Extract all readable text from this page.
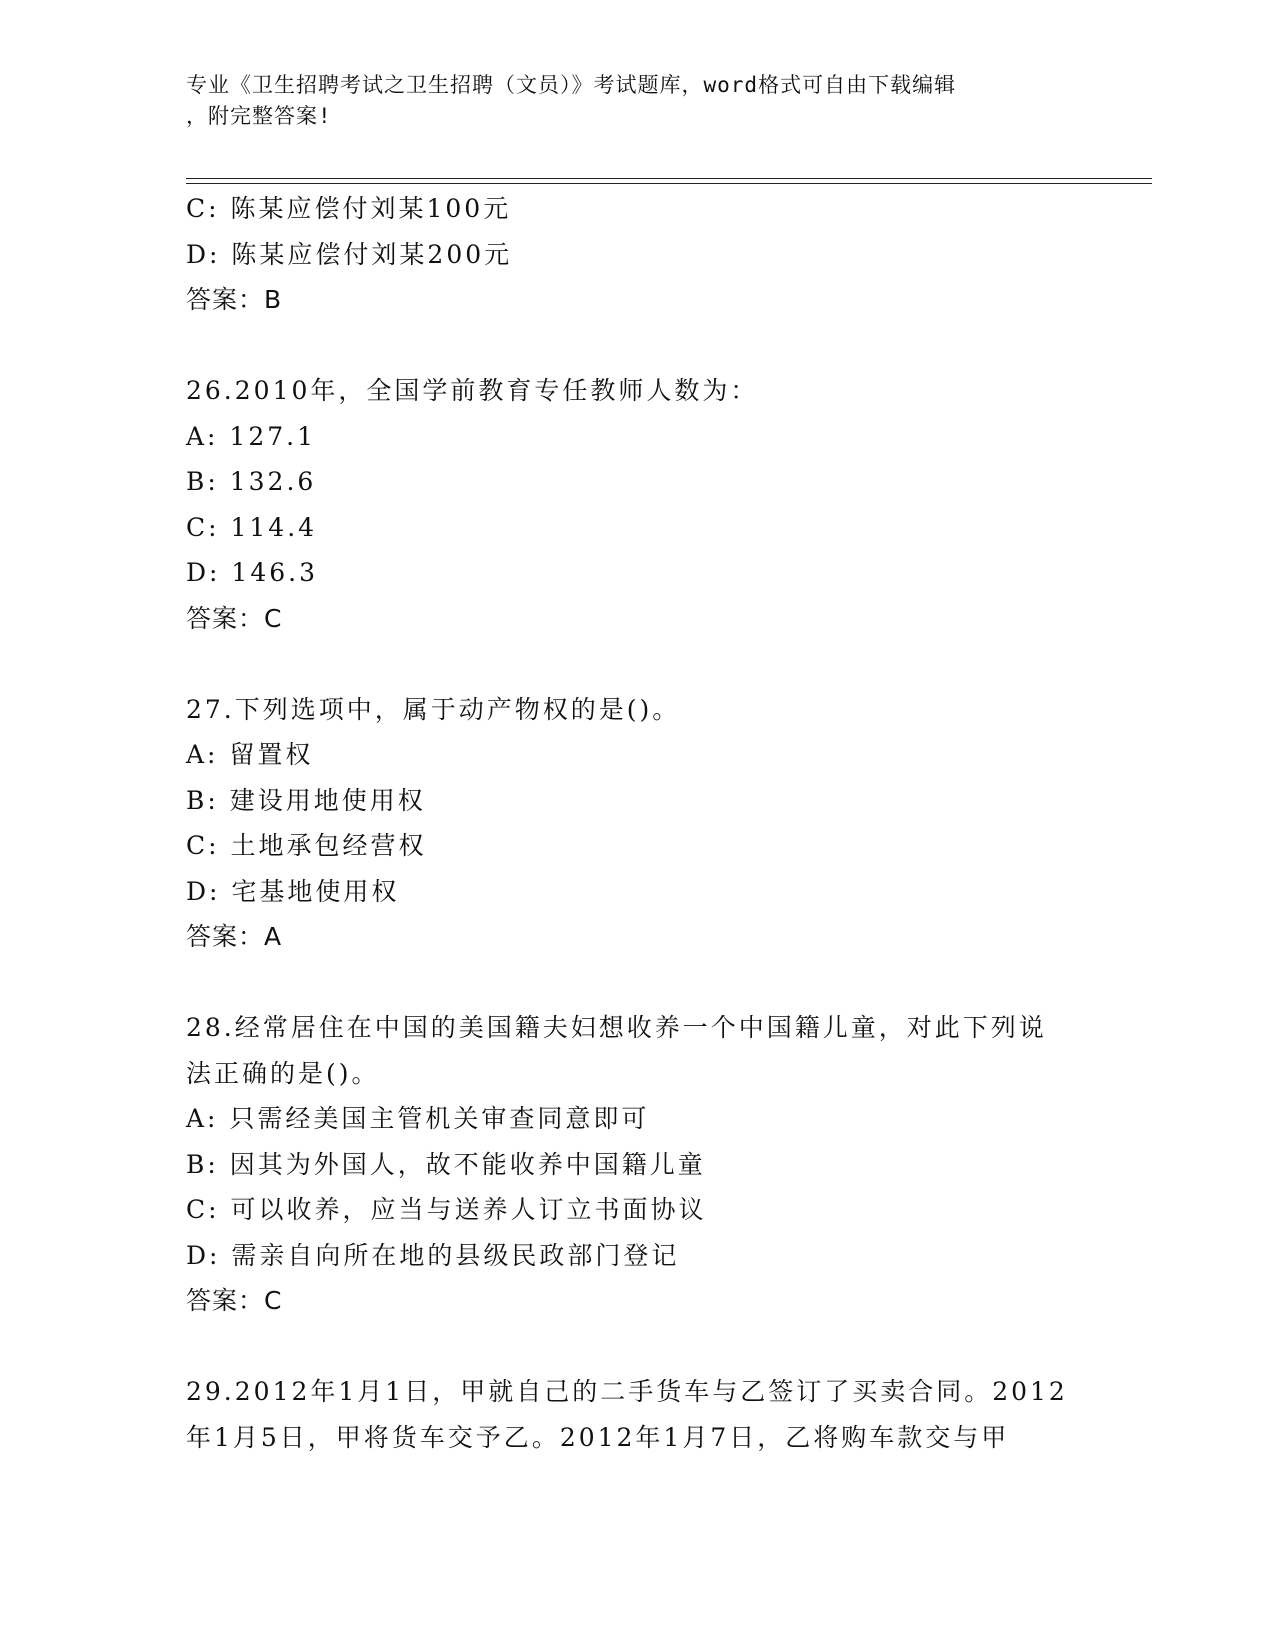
专业《卫生招聘考试之卫生招聘（文员）》考试题库，word格式可自由下载编辑
，附完整答案!
C: 陈某应偿付刘某100元
D: 陈某应偿付刘某200元
答案：B
26.2010年，全国学前教育专任教师人数为：
A: 127.1
B: 132.6
C: 114.4
D: 146.3
答案：C
27.下列选项中，属于动产物权的是()。
A: 留置权
B: 建设用地使用权
C: 土地承包经营权
D: 宅基地使用权
答案：A
28.经常居住在中国的美国籍夫妇想收养一个中国籍儿童，对此下列说
法正确的是()。
A: 只需经美国主管机关审查同意即可
B: 因其为外国人，故不能收养中国籍儿童
C: 可以收养，应当与送养人订立书面协议
D: 需亲自向所在地的县级民政部门登记
答案：C
29.2012年1月1日，甲就自己的二手货车与乙签订了买卖合同。2012
年1月5日，甲将货车交予乙。2012年1月7日，乙将购车款交与甲
